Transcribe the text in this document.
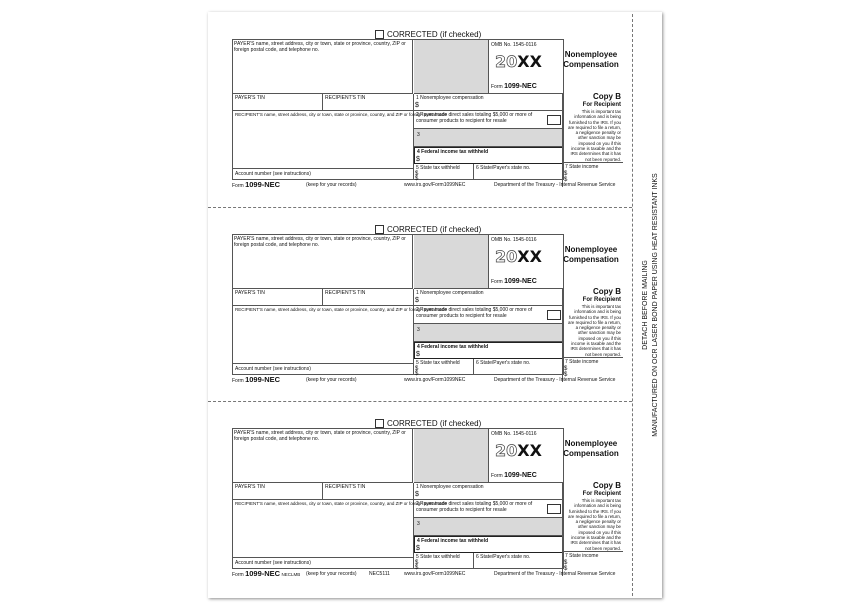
DETACH BEFORE MAILING MANUFACTURED ON OCR LASER BOND PAPER USING HEAT RESISTANT INKS
CORRECTED (if checked)
PAYER'S name, street address, city or town, state or province, country, ZIP or foreign postal code, and telephone no.
OMB No. 1545-0116
20XX
Form 1099-NEC
PAYER'S TIN	RECIPIENT'S TIN
RECIPIENT'S name, street address, city or town, state or province, country, and ZIP or foreign postal code
Account number (see instructions)
1 Nonemployee compensation
$
2 Payer made direct sales totaling $5,000 or more of consumer products to recipient for resale
3
4 Federal income tax withheld
$
5 State tax withheld
$
$
6 State/Payer's state no.
Nonemployee Compensation
Copy B
For Recipient
This is important tax information and is being furnished to the IRS. If you are required to file a return, a negligence penalty or other sanction may be imposed on you if this income is taxable and the IRS determines that it has not been reported.
7 State income
$
$
Form 1099-NEC	(keep for your records)	www.irs.gov/Form1099NEC	Department of the Treasury - Internal Revenue Service
CORRECTED (if checked)
PAYER'S name, street address, city or town, state or province, country, ZIP or foreign postal code, and telephone no.
OMB No. 1545-0116
20XX
Form 1099-NEC
PAYER'S TIN	RECIPIENT'S TIN
RECIPIENT'S name, street address, city or town, state or province, country, and ZIP or foreign postal code
Account number (see instructions)
1 Nonemployee compensation
$
2 Payer made direct sales totaling $5,000 or more of consumer products to recipient for resale
3
4 Federal income tax withheld
$
5 State tax withheld
$
$
6 State/Payer's state no.
Nonemployee Compensation
Copy B
For Recipient
This is important tax information and is being furnished to the IRS. If you are required to file a return, a negligence penalty or other sanction may be imposed on you if this income is taxable and the IRS determines that it has not been reported.
7 State income
$
$
Form 1099-NEC	(keep for your records)	www.irs.gov/Form1099NEC	Department of the Treasury - Internal Revenue Service
CORRECTED (if checked)
PAYER'S name, street address, city or town, state or province, country, ZIP or foreign postal code, and telephone no.
OMB No. 1545-0116
20XX
Form 1099-NEC
PAYER'S TIN	RECIPIENT'S TIN
RECIPIENT'S name, street address, city or town, state or province, country, and ZIP or foreign postal code
Account number (see instructions)
1 Nonemployee compensation
$
2 Payer made direct sales totaling $5,000 or more of consumer products to recipient for resale
3
4 Federal income tax withheld
$
5 State tax withheld
$
$
6 State/Payer's state no.
Nonemployee Compensation
Copy B
For Recipient
This is important tax information and is being furnished to the IRS. If you are required to file a return, a negligence penalty or other sanction may be imposed on you if this income is taxable and the IRS determines that it has not been reported.
7 State income
$
$
Form 1099-NEC NECLMB (keep for your records) NEC5111	www.irs.gov/Form1099NEC	Department of the Treasury - Internal Revenue Service
